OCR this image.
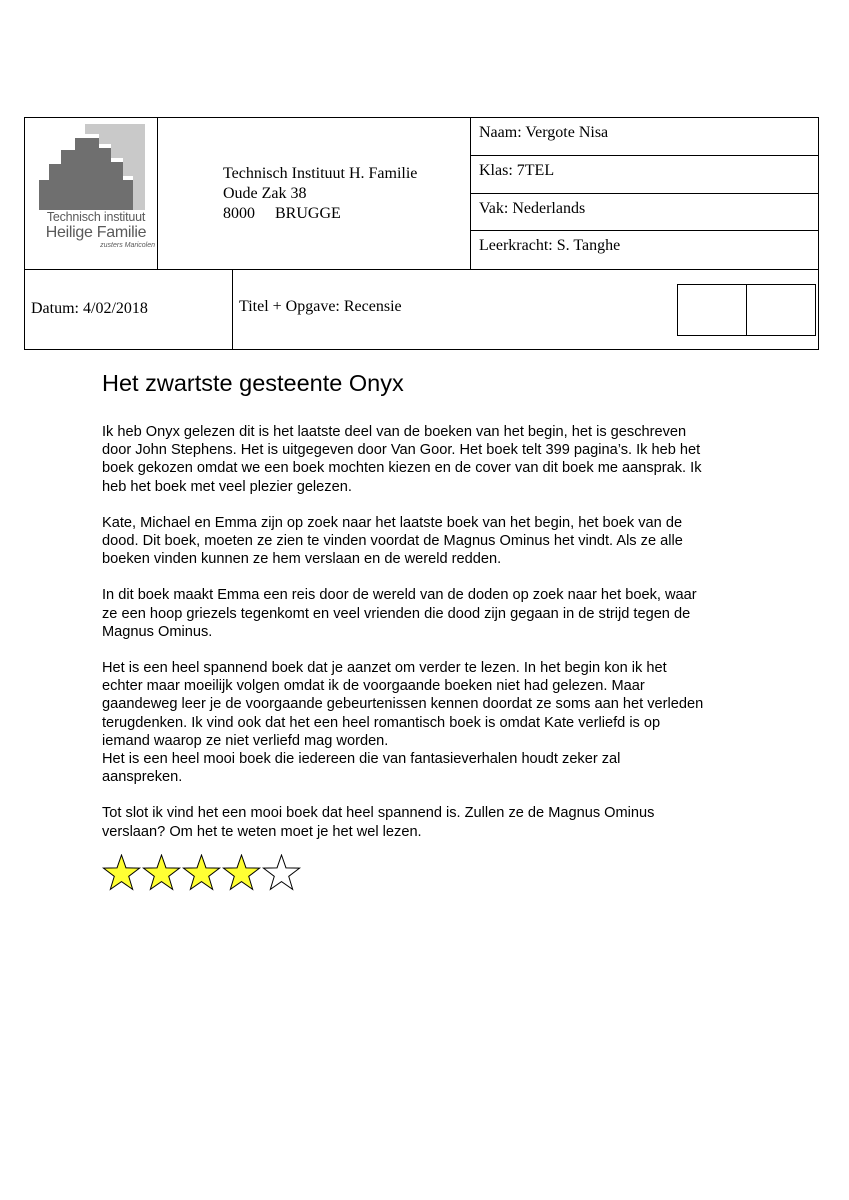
Technisch instituut
Heilige Familie
zusters Maricolen
Technisch Instituut H. Familie
Oude Zak 38
8000     BRUGGE
Naam: Vergote Nisa
Klas: 7TEL
Vak: Nederlands
Leerkracht: S. Tanghe
Datum: 4/02/2018	Titel + Opgave: Recensie
Het zwartste gesteente Onyx

Ik heb Onyx gelezen dit is het laatste deel van de boeken van het begin, het is geschreven
door John Stephens. Het is uitgegeven door Van Goor. Het boek telt 399 pagina’s. Ik heb het
boek gekozen omdat we een boek mochten kiezen en de cover van dit boek me aansprak. Ik
heb het boek met veel plezier gelezen.

Kate, Michael en Emma zijn op zoek naar het laatste boek van het begin, het boek van de
dood. Dit boek, moeten ze zien te vinden voordat de Magnus Ominus het vindt. Als ze alle
boeken vinden kunnen ze hem verslaan en de wereld redden.

In dit boek maakt Emma een reis door de wereld van de doden op zoek naar het boek, waar
ze een hoop griezels tegenkomt en veel vrienden die dood zijn gegaan in de strijd tegen de
Magnus Ominus.

Het is een heel spannend boek dat je aanzet om verder te lezen. In het begin kon ik het
echter maar moeilijk volgen omdat ik de voorgaande boeken niet had gelezen. Maar
gaandeweg leer je de voorgaande gebeurtenissen kennen doordat ze soms aan het verleden
terugdenken. Ik vind ook dat het een heel romantisch boek is omdat Kate verliefd is op
iemand waarop ze niet verliefd mag worden.

Het is een heel mooi boek die iedereen die van fantasieverhalen houdt zeker zal
aanspreken.

Tot slot ik vind het een mooi boek dat heel spannend is. Zullen ze de Magnus Ominus
verslaan? Om het te weten moet je het wel lezen.
